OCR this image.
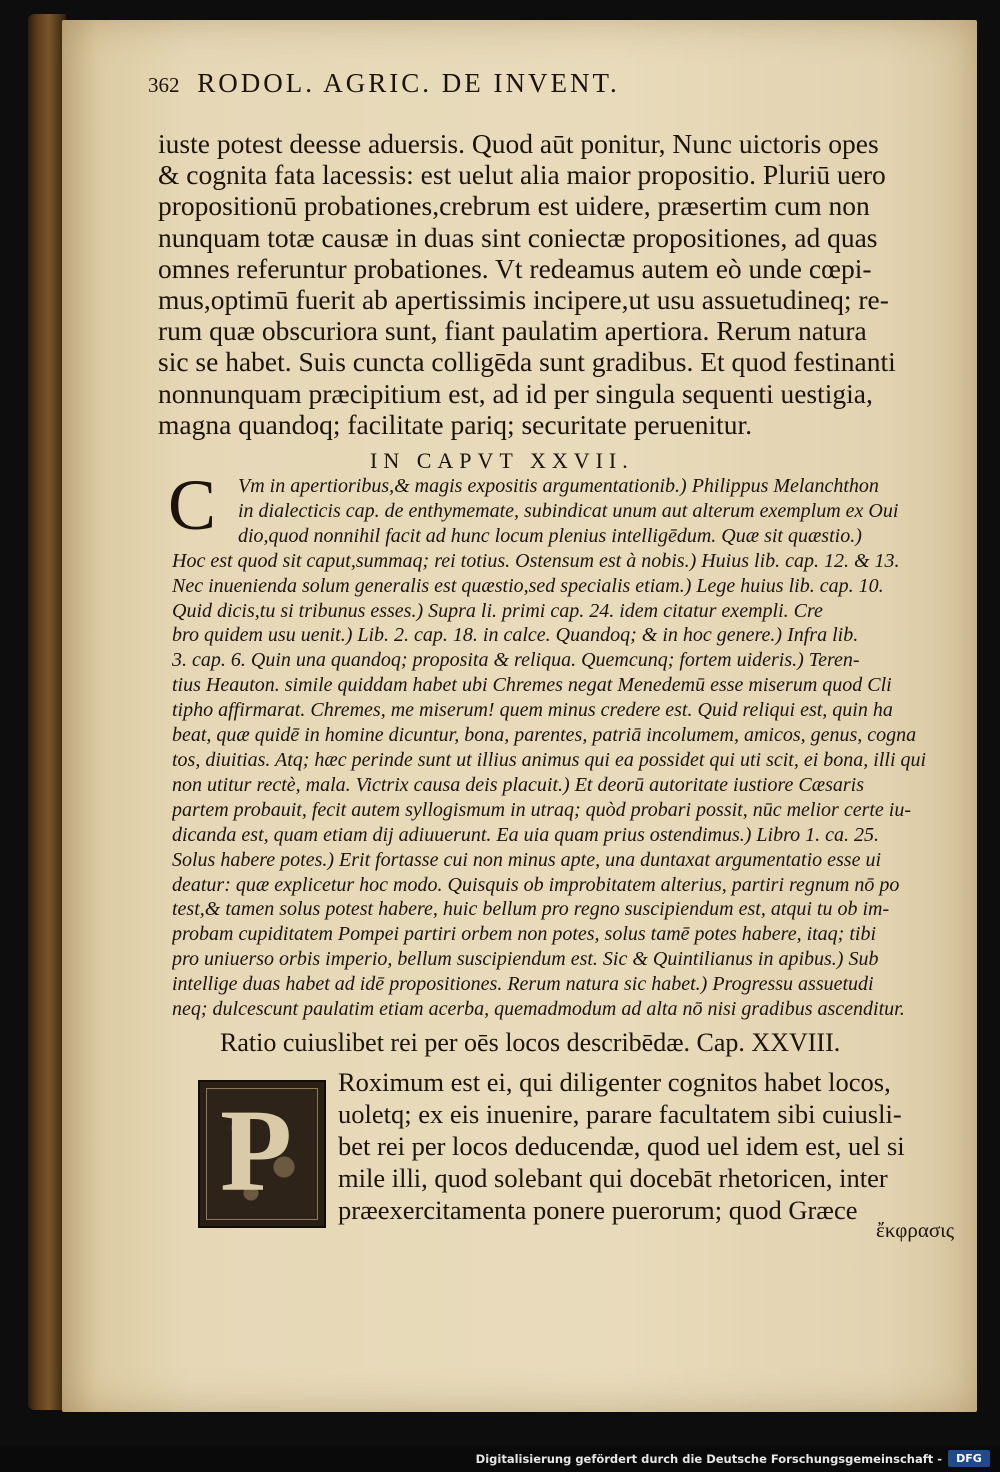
362 RODOL. AGRIC. DE INVENT.
iuste potest deesse aduersis. Quod aūt ponitur, Nunc uictoris opes
& cognita fata lacessis: est uelut alia maior propositio. Pluriū uero
propositionū probationes,crebrum est uidere, præsertim cum non
nunquam totæ causæ in duas sint coniectæ propositiones, ad quas
omnes referuntur probationes. Vt redeamus autem eò unde cœpi-
mus,optimū fuerit ab apertissimis incipere,ut usu assuetudineq; re-
rum quæ obscuriora sunt, fiant paulatim apertiora. Rerum natura
sic se habet. Suis cuncta colligēda sunt gradibus. Et quod festinanti
nonnunquam præcipitium est, ad id per singula sequenti uestigia,
magna quandoq; facilitate pariq; securitate peruenitur.
IN CAPVT XXVII.
C	Vm in apertioribus,& magis expositis argumentationib.) Philippus Melanchthon
in dialecticis cap. de enthymemate, subindicat unum aut alterum exemplum ex Oui
dio,quod nonnihil facit ad hunc locum plenius intelligēdum. Quæ sit quæstio.)
Hoc est quod sit caput,summaq; rei totius. Ostensum est à nobis.) Huius lib. cap. 12. & 13.
Nec inuenienda solum generalis est quæstio,sed specialis etiam.) Lege huius lib. cap. 10.
Quid dicis,tu si tribunus esses.) Supra li. primi cap. 24. idem citatur exempli. Cre
bro quidem usu uenit.) Lib. 2. cap. 18. in calce. Quandoq; & in hoc genere.) Infra lib.
3. cap. 6. Quin una quandoq; proposita & reliqua. Quemcunq; fortem uideris.) Teren-
tius Heauton. simile quiddam habet ubi Chremes negat Menedemū esse miserum quod Cli
tipho affirmarat. Chremes, me miserum! quem minus credere est. Quid reliqui est, quin ha
beat, quæ quidē in homine dicuntur, bona, parentes, patriā incolumem, amicos, genus, cogna
tos, diuitias. Atq; hæc perinde sunt ut illius animus qui ea possidet qui uti scit, ei bona, illi qui
non utitur rectè, mala. Victrix causa deis placuit.) Et deorū autoritate iustiore Cæsaris
partem probauit, fecit autem syllogismum in utraq; quòd probari possit, nūc melior certe iu-
dicanda est, quam etiam dij adiuuerunt. Ea uia quam prius ostendimus.) Libro 1. ca. 25.
Solus habere potes.) Erit fortasse cui non minus apte, una duntaxat argumentatio esse ui
deatur: quæ explicetur hoc modo. Quisquis ob improbitatem alterius, partiri regnum nō po
test,& tamen solus potest habere, huic bellum pro regno suscipiendum est, atqui tu ob im-
probam cupiditatem Pompei partiri orbem non potes, solus tamē potes habere, itaq; tibi
pro uniuerso orbis imperio, bellum suscipiendum est. Sic & Quintilianus in apibus.) Sub
intellige duas habet ad idē propositiones. Rerum natura sic habet.) Progressu assuetudi
neq; dulcescunt paulatim etiam acerba, quemadmodum ad alta nō nisi gradibus ascenditur.
Ratio cuiuslibet rei per oēs locos describēdæ. Cap. XXVIII.
P
Roximum est ei, qui diligenter cognitos habet locos,
uoletq; ex eis inuenire, parare facultatem sibi cuiusli-
bet rei per locos deducendæ, quod uel idem est, uel si
mile illi, quod solebant qui docebāt rhetoricen, inter
præexercitamenta ponere puerorum; quod Græce
ἔκφρασις
Digitalisierung gefördert durch die Deutsche Forschungsgemeinschaft -	DFG
